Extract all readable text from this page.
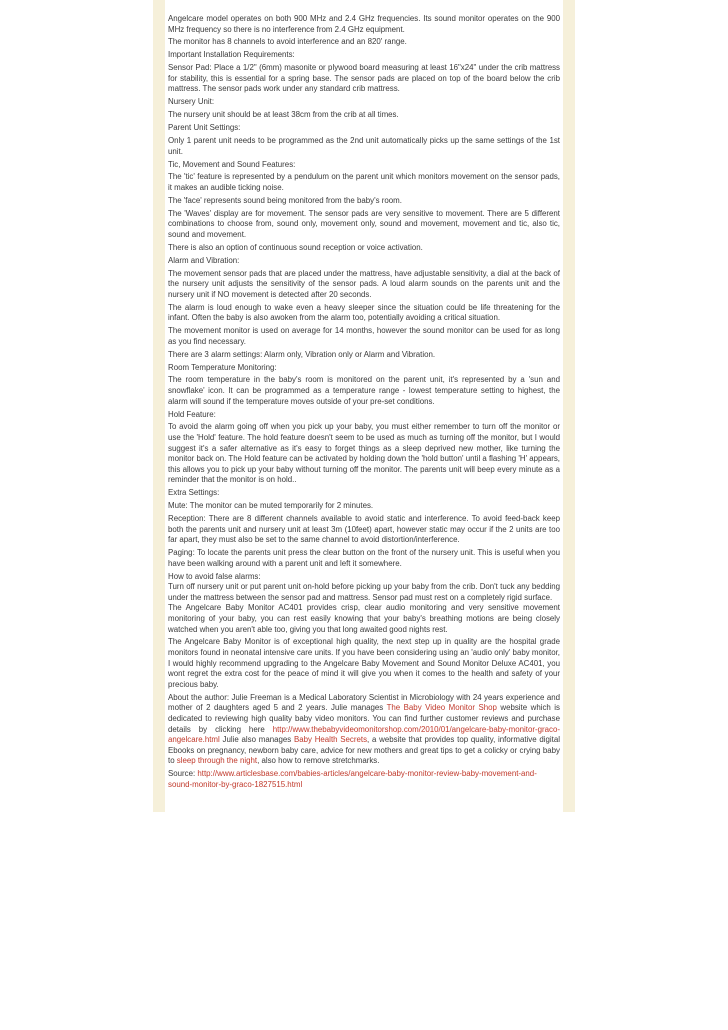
Angelcare model operates on both 900 MHz and 2.4 GHz frequencies. Its sound monitor operates on the 900 MHz frequency so there is no interference from 2.4 GHz equipment.

The monitor has 8 channels to avoid interference and an 820' range.

Important Installation Requirements:

Sensor Pad: Place a 1/2" (6mm) masonite or plywood board measuring at least 16"x24" under the crib mattress for stability, this is essential for a spring base. The sensor pads are placed on top of the board below the crib mattress. The sensor pads work under any standard crib mattress.

Nursery Unit:

The nursery unit should be at least 38cm from the crib at all times.

Parent Unit Settings:

Only 1 parent unit needs to be programmed as the 2nd unit automatically picks up the same settings of the 1st unit.

Tic, Movement and Sound Features:

The 'tic' feature is represented by a pendulum on the parent unit which monitors movement on the sensor pads, it makes an audible ticking noise.

The 'face' represents sound being monitored from the baby's room.

The 'Waves' display are for movement. The sensor pads are very sensitive to movement. There are 5 different combinations to choose from, sound only, movement only, sound and movement, movement and tic, also tic, sound and movement.

There is also an option of continuous sound reception or voice activation.

Alarm and Vibration:

The movement sensor pads that are placed under the mattress, have adjustable sensitivity, a dial at the back of the nursery unit adjusts the sensitivity of the sensor pads. A loud alarm sounds on the parents unit and the nursery unit if NO movement is detected after 20 seconds.

The alarm is loud enough to wake even a heavy sleeper since the situation could be life threatening for the infant. Often the baby is also awoken from the alarm too, potentially avoiding a critical situation.

The movement monitor is used on average for 14 months, however the sound monitor can be used for as long as you find necessary.

There are 3 alarm settings: Alarm only, Vibration only or Alarm and Vibration.

Room Temperature Monitoring:

The room temperature in the baby's room is monitored on the parent unit, it's represented by a 'sun and snowflake' icon. It can be programmed as a temperature range - lowest temperature setting to highest, the alarm will sound if the temperature moves outside of your pre-set conditions.

Hold Feature:

To avoid the alarm going off when you pick up your baby, you must either remember to turn off the monitor or use the 'Hold' feature. The hold feature doesn't seem to be used as much as turning off the monitor, but I would suggest it's a safer alternative as it's easy to forget things as a sleep deprived new mother, like turning the monitor back on. The Hold feature can be activated by holding down the 'hold button' until a flashing 'H' appears, this allows you to pick up your baby without turning off the monitor. The parents unit will beep every minute as a reminder that the monitor is on hold..

Extra Settings:

Mute: The monitor can be muted temporarily for 2 minutes.

Reception: There are 8 different channels available to avoid static and interference. To avoid feed-back keep both the parents unit and nursery unit at least 3m (10feet) apart, however static may occur if the 2 units are too far apart, they must also be set to the same channel to avoid distortion/interference.

Paging: To locate the parents unit press the clear button on the front of the nursery unit. This is useful when you have been walking around with a parent unit and left it somewhere.

How to avoid false alarms:
Turn off nursery unit or put parent unit on-hold before picking up your baby from the crib. Don't tuck any bedding under the mattress between the sensor pad and mattress. Sensor pad must rest on a completely rigid surface.
The Angelcare Baby Monitor AC401 provides crisp, clear audio monitoring and very sensitive movement monitoring of your baby, you can rest easily knowing that your baby's breathing motions are being closely watched when you aren't able too, giving you that long awaited good nights rest.

The Angelcare Baby Monitor is of exceptional high quality, the next step up in quality are the hospital grade monitors found in neonatal intensive care units. If you have been considering using an 'audio only' baby monitor, I would highly recommend upgrading to the Angelcare Baby Movement and Sound Monitor Deluxe AC401, you wont regret the extra cost for the peace of mind it will give you when it comes to the health and safety of your precious baby.

About the author: Julie Freeman is a Medical Laboratory Scientist in Microbiology with 24 years experience and mother of 2 daughters aged 5 and 2 years. Julie manages The Baby Video Monitor Shop website which is dedicated to reviewing high quality baby video monitors. You can find further customer reviews and purchase details by clicking here http://www.thebabyvideomonitorshop.com/2010/01/angelcare-baby-monitor-graco-angelcare.html Julie also manages Baby Health Secrets, a website that provides top quality, informative digital Ebooks on pregnancy, newborn baby care, advice for new mothers and great tips to get a colicky or crying baby to sleep through the night, also how to remove stretchmarks.

Source: http://www.articlesbase.com/babies-articles/angelcare-baby-monitor-review-baby-movement-and-sound-monitor-by-graco-1827515.html
